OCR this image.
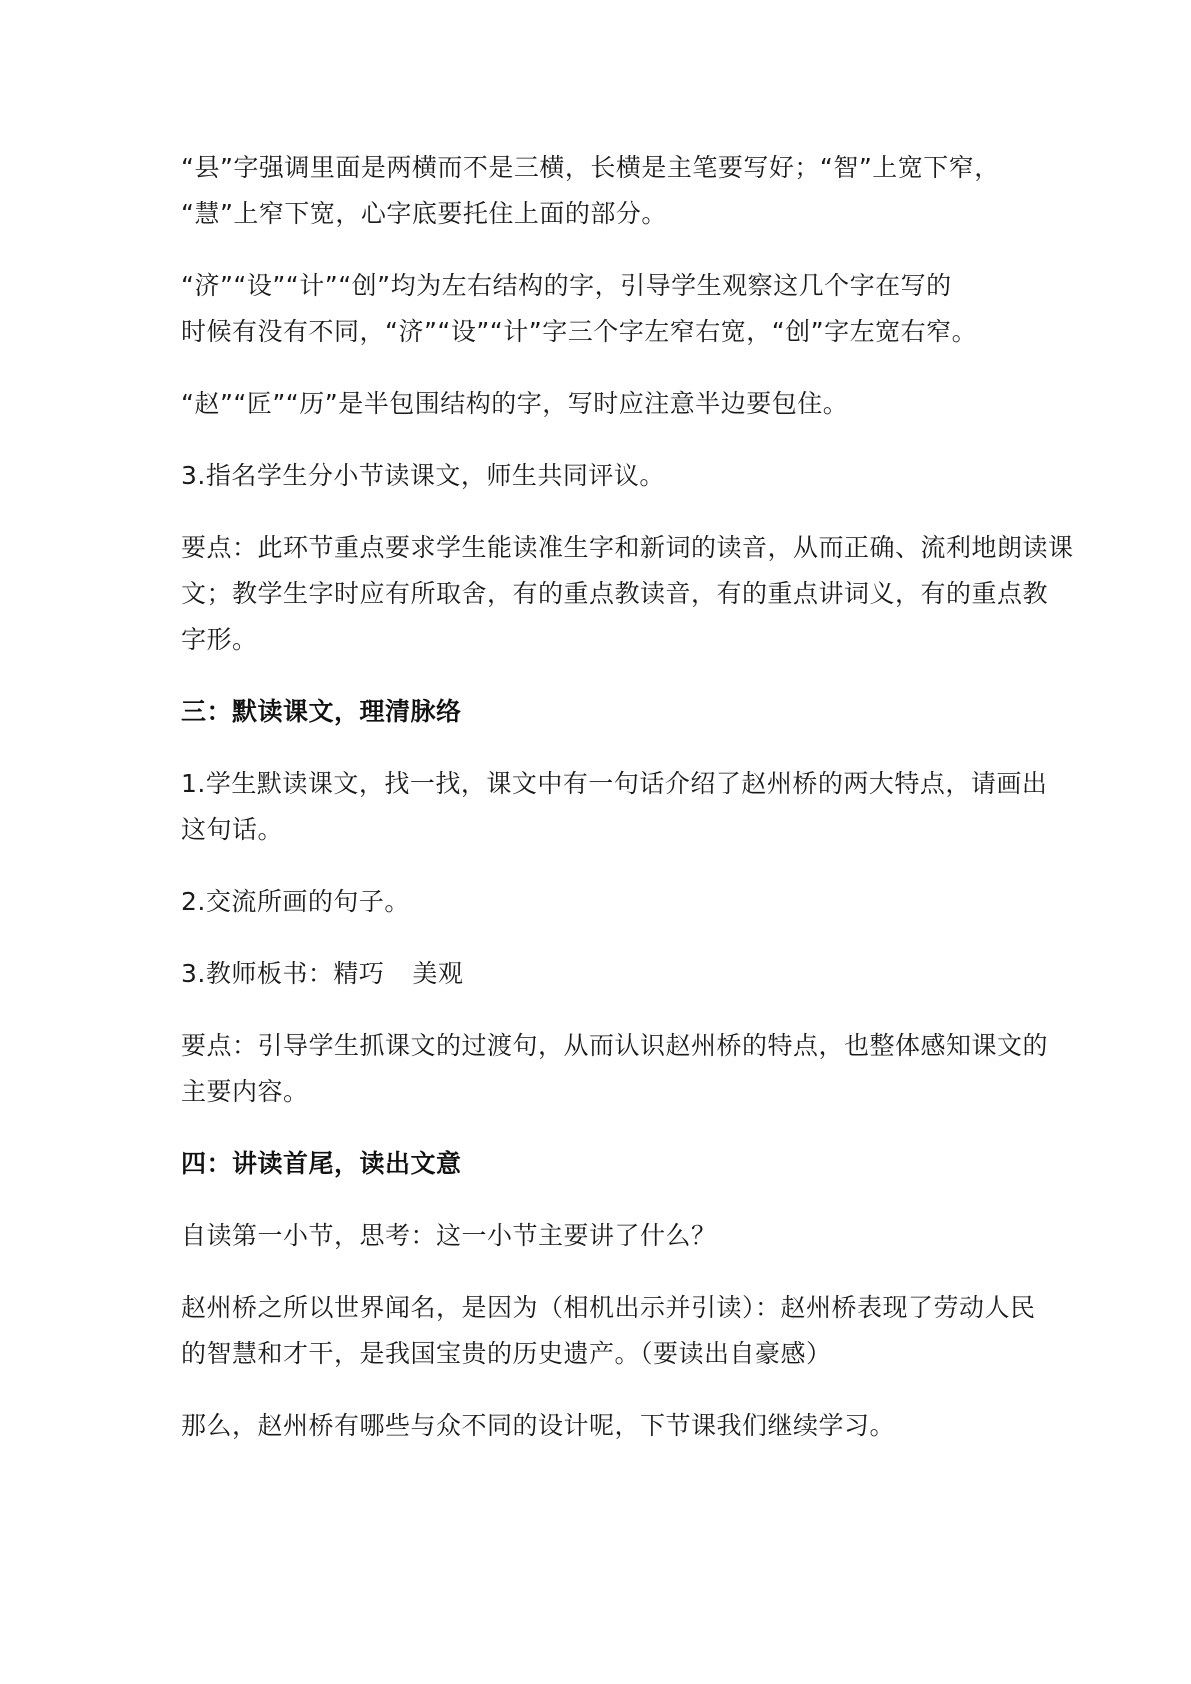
“县”字强调里面是两横而不是三横，长横是主笔要写好；“智”上宽下窄，
“慧”上窄下宽，心字底要托住上面的部分。

“济”“设”“计”“创”均为左右结构的字，引导学生观察这几个字在写的
时候有没有不同，“济”“设”“计”字三个字左窄右宽，“创”字左宽右窄。

“赵”“匠”“历”是半包围结构的字，写时应注意半边要包住。

3.指名学生分小节读课文，师生共同评议。

要点：此环节重点要求学生能读准生字和新词的读音，从而正确、流利地朗读课
文；教学生字时应有所取舍，有的重点教读音，有的重点讲词义，有的重点教
字形。

三：默读课文，理清脉络

1.学生默读课文，找一找，课文中有一句话介绍了赵州桥的两大特点，请画出
这句话。

2.交流所画的句子。

3.教师板书：精巧 美观

要点：引导学生抓课文的过渡句，从而认识赵州桥的特点，也整体感知课文的
主要内容。

四：讲读首尾，读出文意

自读第一小节，思考：这一小节主要讲了什么？

赵州桥之所以世界闻名，是因为（相机出示并引读）：赵州桥表现了劳动人民
的智慧和才干，是我国宝贵的历史遗产。（要读出自豪感）

那么，赵州桥有哪些与众不同的设计呢，下节课我们继续学习。
